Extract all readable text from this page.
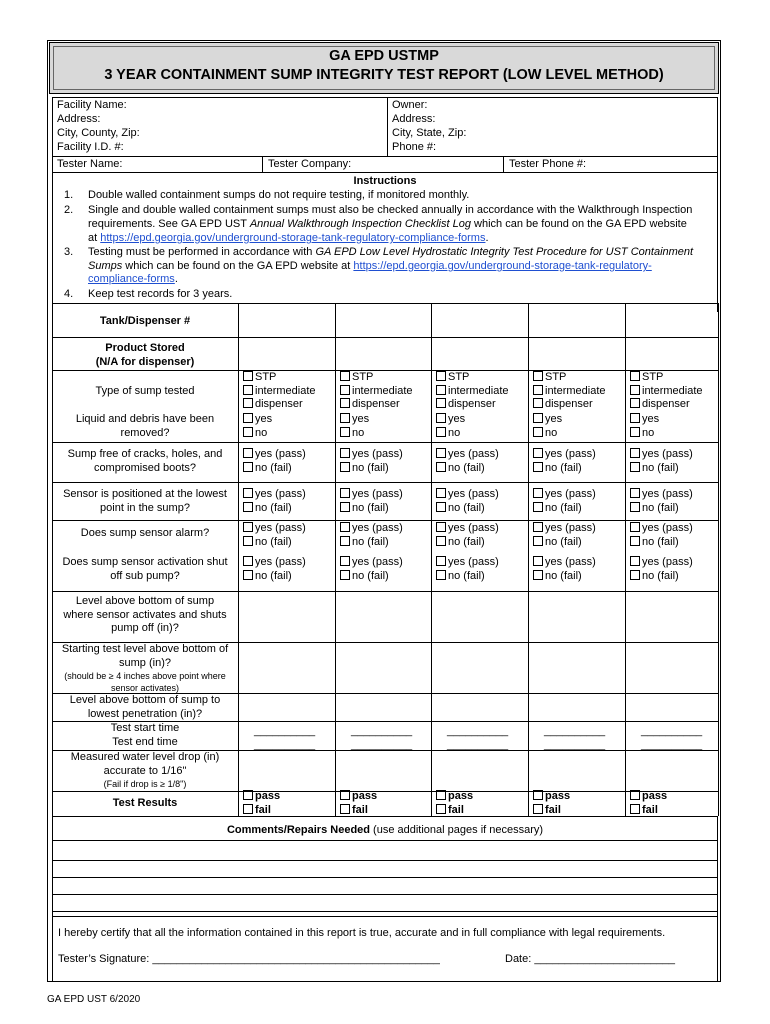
GA EPD USTMP
3 YEAR CONTAINMENT SUMP INTEGRITY TEST REPORT (LOW LEVEL METHOD)
Facility Name:
Address:
City, County, Zip:
Facility I.D. #:
Tester Name:
Owner:
Address:
City, State, Zip:
Phone #:
Tester Company:	Tester Phone #:
Instructions
1. Double walled containment sumps do not require testing, if monitored monthly.
2. Single and double walled containment sumps must also be checked annually in accordance with the Walkthrough Inspection
requirements. See GA EPD UST Annual Walkthrough Inspection Checklist Log which can be found on the GA EPD website
at https://epd.georgia.gov/underground-storage-tank-regulatory-compliance-forms.
3. Testing must be performed in accordance with GA EPD Low Level Hydrostatic Integrity Test Procedure for UST Containment
Sumps which can be found on the GA EPD website at https://epd.georgia.gov/underground-storage-tank-regulatory-
compliance-forms.
4. Keep test records for 3 years.
Tank/Dispenser #
Product Stored
(N/A for dispenser)
Type of sump tested
Liquid and debris have been
removed?
Sump free of cracks, holes, and
compromised boots?
Sensor is positioned at the lowest
point in the sump?
Does sump sensor alarm?
Does sump sensor activation shut
off sub pump?
Level above bottom of sump
where sensor activates and shuts
pump off (in)?
Starting test level above bottom of
sump (in)?
(should be ≥ 4 inches above point where
sensor activates)
Level above bottom of sump to
lowest penetration (in)?
Test start time
Test end time
Measured water level drop (in)
accurate to 1/16"
(Fail if drop is ≥ 1/8")
Test Results
STP
intermediate
dispenser
yes
no
yes (pass)
no (fail)
yes (pass)
no (fail)
yes (pass)
no (fail)
yes (pass)
no (fail)
pass
fail
__________
__________
STP
intermediate
dispenser
yes
no
yes (pass)
no (fail)
yes (pass)
no (fail)
yes (pass)
no (fail)
yes (pass)
no (fail)
pass
fail
__________
__________
STP
intermediate
dispenser
yes
no
yes (pass)
no (fail)
yes (pass)
no (fail)
yes (pass)
no (fail)
yes (pass)
no (fail)
pass
fail
__________
__________
STP
intermediate
dispenser
yes
no
yes (pass)
no (fail)
yes (pass)
no (fail)
yes (pass)
no (fail)
yes (pass)
no (fail)
pass
fail
__________
__________
STP
intermediate
dispenser
yes
no
yes (pass)
no (fail)
yes (pass)
no (fail)
yes (pass)
no (fail)
yes (pass)
no (fail)
pass
fail
__________
__________
Comments/Repairs Needed (use additional pages if necessary)
I hereby certify that all the information contained in this report is true, accurate and in full compliance with legal requirements.
Tester’s Signature: _______________________________________________	Date: _______________________
GA EPD UST 6/2020
